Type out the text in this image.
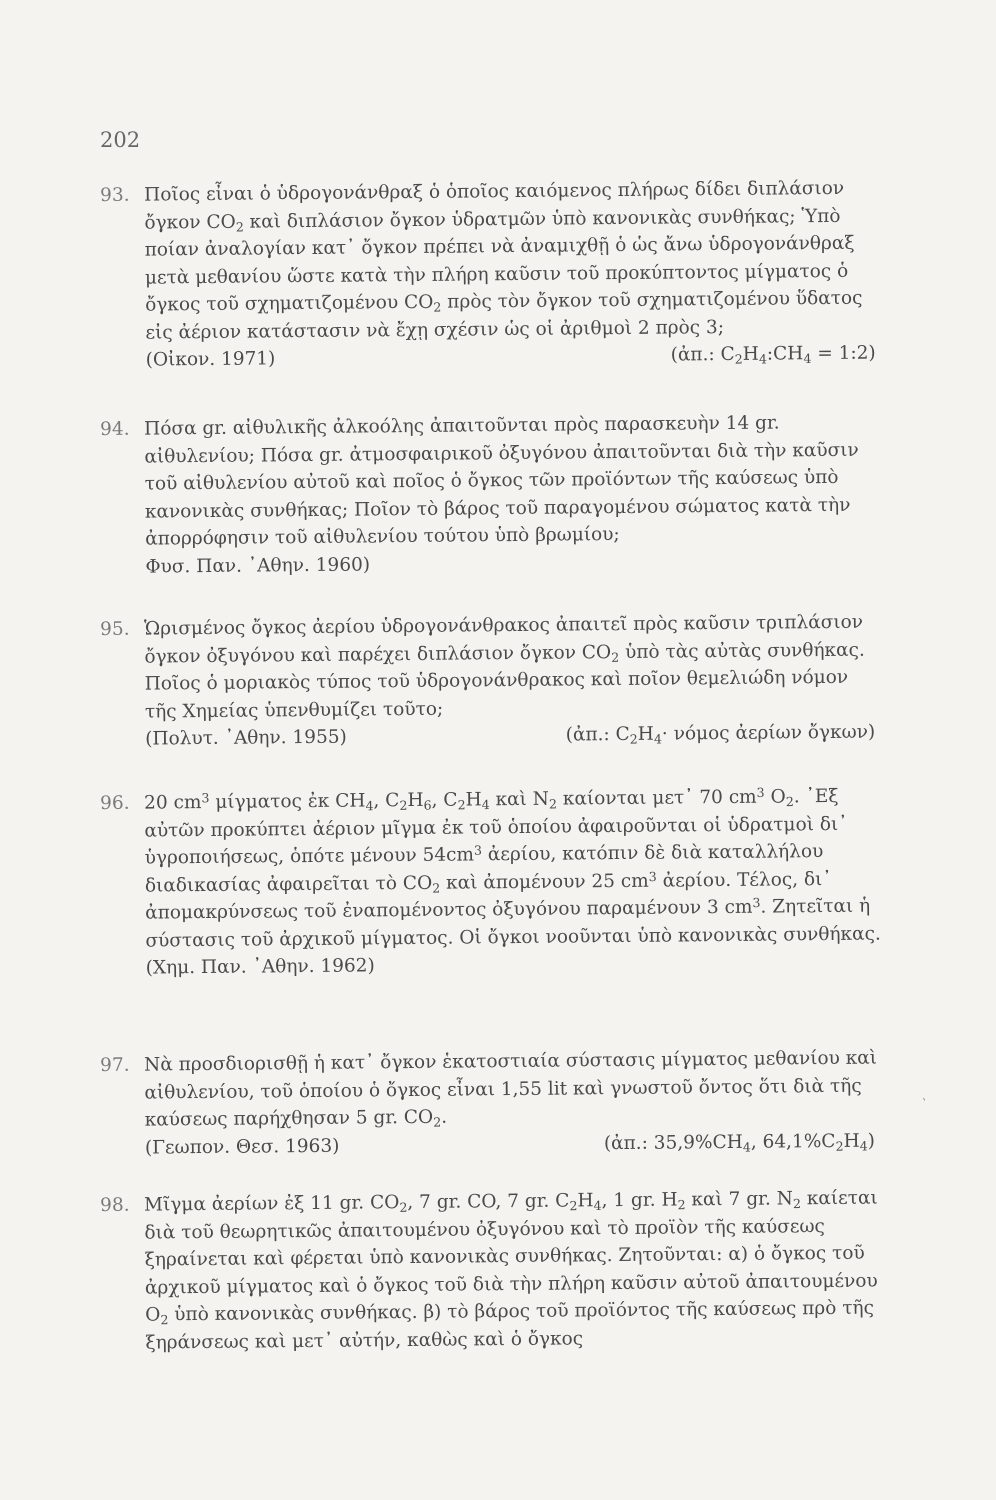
202
93. Ποῖος εἶναι ὁ ὑδρογονάνθραξ ὁ ὁποῖος καιόμενος πλήρως δίδει διπλάσιον ὄγκον $CO_2$ καὶ διπλάσιον ὄγκον ὑδρατμῶν ὑπὸ κανονικὰς συνθήκας; Ὑπὸ ποίαν ἀναλογίαν κατ᾽ ὄγκον πρέπει νὰ ἀναμιχθῇ ὁ ὡς ἄνω ὑδρογονάνθραξ μετὰ μεθανίου ὥστε κατὰ τὴν πλήρη καῦσιν τοῦ προκύπτοντος μίγματος ὁ ὄγκος τοῦ σχηματιζομένου $CO_2$ πρὸς τὸν ὄγκον τοῦ σχηματιζομένου ὕδατος εἰς ἀέριον κατάστασιν νὰ ἔχῃ σχέσιν ὡς οἱ ἀριθμοὶ 2 πρὸς 3;
(Οἰκον. 1971)	(ἀπ.: $C_2H_4:CH_4$ = 1:2)
94. Πόσα gr. αἰθυλικῆς ἀλκοόλης ἀπαιτοῦνται πρὸς παρασκευὴν 14 gr. αἰθυλενίου; Πόσα gr. ἀτμοσφαιρικοῦ ὀξυγόνου ἀπαιτοῦνται διὰ τὴν καῦσιν τοῦ αἰθυλενίου αὐτοῦ καὶ ποῖος ὁ ὄγκος τῶν προϊόντων τῆς καύσεως ὑπὸ κανονικὰς συνθήκας; Ποῖον τὸ βάρος τοῦ παραγομένου σώματος κατὰ τὴν ἀπορρόφησιν τοῦ αἰθυλενίου τούτου ὑπὸ βρωμίου;
Φυσ. Παν. ᾿Αθην. 1960)
95. Ὡρισμένος ὄγκος ἀερίου ὑδρογονάνθρακος ἀπαιτεῖ πρὸς καῦσιν τριπλάσιον ὄγκον ὀξυγόνου καὶ παρέχει διπλάσιον ὄγκον $CO_2$ ὑπὸ τὰς αὐτὰς συνθήκας. Ποῖος ὁ μοριακὸς τύπος τοῦ ὑδρογονάνθρακος καὶ ποῖον θεμελιώδη νόμον τῆς Χημείας ὑπενθυμίζει τοῦτο;
(Πολυτ. ᾿Αθην. 1955)	(ἀπ.: $C_2H_4\cdot \nu ό\mu o\varsigma$ ἀερίων ὄγκων)
96. 20 $cm^3$ μίγματος ἐκ $CH_4$, $C_2H_6$, $C_2H_4$ καὶ $N_2$ καίονται μετ᾽ 70 $cm^3$ $O_2$. ᾿Εξ αὐτῶν προκύπτει ἀέριον μῖγμα ἐκ τοῦ ὁποίου ἀφαιροῦνται οἱ ὑδρατμοὶ δι᾽ ὑγροποιήσεως, ὁπότε μένουν $54cm^3$ ἀερίου, κατόπιν δὲ διὰ καταλλήλου διαδικασίας ἀφαιρεῖται τὸ $CO_2$ καὶ ἀπομένουν 25 $cm^3$ ἀερίου. Τέλος, δι᾽ ἀπομακρύνσεως τοῦ ἐναπομένοντος ὀξυγόνου παραμένουν 3 $cm^3$. Ζητεῖται ἡ σύστασις τοῦ ἀρχικοῦ μίγματος. Οἱ ὄγκοι νοοῦνται ὑπὸ κανονικὰς συνθήκας.
(Χημ. Παν. ᾿Αθην. 1962)
97. Νὰ προσδιορισθῇ ἡ κατ᾽ ὄγκον ἑκατοστιαία σύστασις μίγματος μεθανίου καὶ αἰθυλενίου, τοῦ ὁποίου ὁ ὄγκος εἶναι 1,55 lit καὶ γνωστοῦ ὄντος ὅτι διὰ τῆς καύσεως παρήχθησαν 5 gr. $CO_2$.
(Γεωπον. Θεσ. 1963)	(ἀπ.: $35,9\%CH_4$, $64,1\%C_2H_4$)
98. Μῖγμα ἀερίων ἐξ 11 gr. $CO_2$, 7 gr. CO, 7 gr. $C_2H_4$, 1 gr. $H_2$ καὶ 7 gr. $N_2$ καίεται διὰ τοῦ θεωρητικῶς ἀπαιτουμένου ὀξυγόνου καὶ τὸ προϊὸν τῆς καύσεως ξηραίνεται καὶ φέρεται ὑπὸ κανονικὰς συνθήκας. Ζητοῦνται: α) ὁ ὄγκος τοῦ ἀρχικοῦ μίγματος καὶ ὁ ὄγκος τοῦ διὰ τὴν πλήρη καῦσιν αὐτοῦ ἀπαιτουμένου $O_2$ ὑπὸ κανονικὰς συνθήκας. β) τὸ βάρος τοῦ προϊόντος τῆς καύσεως πρὸ τῆς ξηράνσεως καὶ μετ᾽ αὐτήν, καθὼς καὶ ὁ ὄγκος
ˎ
